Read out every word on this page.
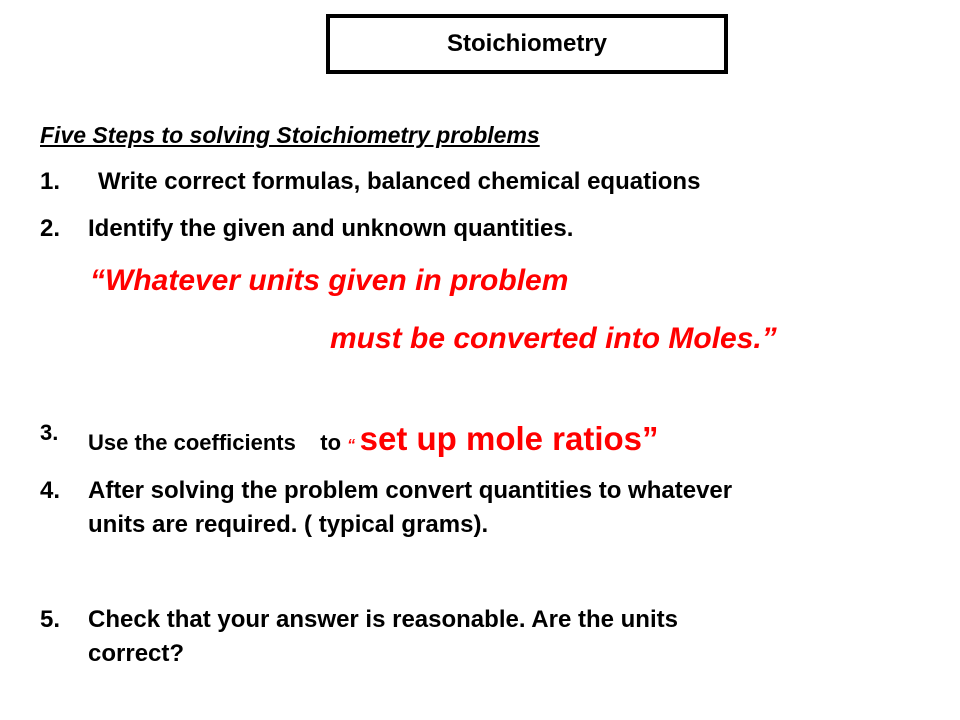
Stoichiometry
Five Steps to solving Stoichiometry problems
1. Write correct formulas, balanced chemical equations
2. Identify the given and unknown quantities.
“Whatever units given in problem
must be converted into Moles.”
3. Use the coefficients    to “ set up mole ratios”
4. After solving the problem convert quantities to whatever
units are required. ( typical grams).
5. Check that your answer is reasonable. Are the units
correct?
